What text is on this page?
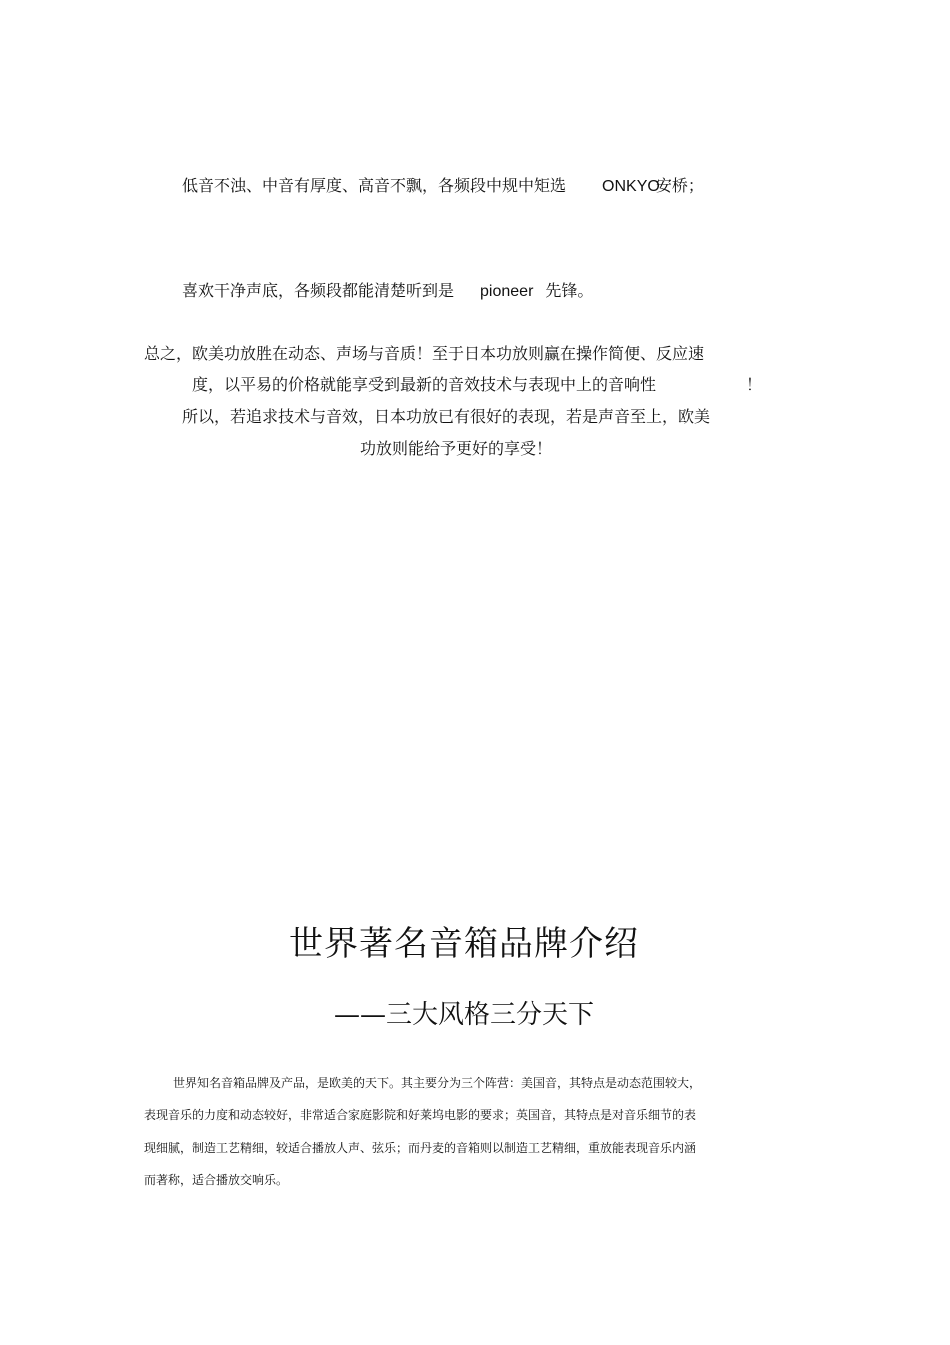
低音不浊、中音有厚度、高音不飘，各频段中规中矩选 ONKYO安桥；
喜欢干净声底，各频段都能清楚听到是 pioneer 先锋。
总之，欧美功放胜在动态、声场与音质！至于日本功放则赢在操作简便、反应速
度，以平易的价格就能享受到最新的音效技术与表现中上的音响性	！
所以，若追求技术与音效，日本功放已有很好的表现，若是声音至上，欧美
功放则能给予更好的享受！
世界著名音箱品牌介绍
——三大风格三分天下
世界知名音箱品牌及产品，是欧美的天下。其主要分为三个阵营：美国音，其特点是动态范围较大，
表现音乐的力度和动态较好，非常适合家庭影院和好莱坞电影的要求；英国音，其特点是对音乐细节的表
现细腻，制造工艺精细，较适合播放人声、弦乐；而丹麦的音箱则以制造工艺精细，重放能表现音乐内涵
而著称，适合播放交响乐。
